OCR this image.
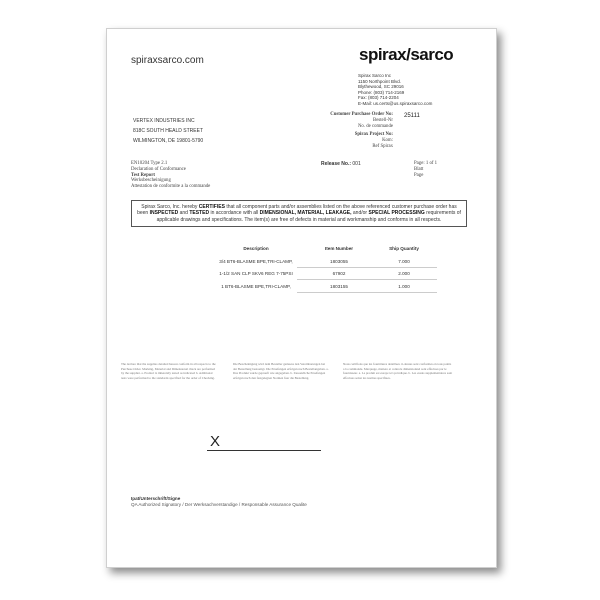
spiraxsarco.com	spirax/sarco
Spirax Sarco Inc
1150 Northpoint Blvd.
Blythewood, SC 29016
Phone: (803) 714-2169
Fax: (803) 714-2204
E-Mail: us.certs@us.spiraxsarco.com
VERTEX INDUSTRIES INC
818C SOUTH HEALD STREET
WILMINGTON, DE 19801-5790
Customer Purchase Order No:
Bestell-Nr
No. de commande
25111
Spirax Project No:
Kom:
Ref Spirax
EN10204 Type 2.1
Declaration of Conformance
Test Report
Werksbescheinigung
Attestation de conformite a la commande
Release No.: 001	Page: 1 of 1
Blatt
Page
Spirax Sarco, Inc. hereby CERTIFIES that all component parts and/or assemblies listed on the above referenced customer purchase order has been INSPECTED and TESTED in accordance with all DIMENSIONAL, MATERIAL, LEAKAGE, and/or SPECIAL PROCESSING requirements of applicable drawings and specifications. The item(s) are free of defects in material and workmanship and conforms in all respects.
Description	Item Number	Ship Quantity
3/4 BT6-BLASME BPE,TRI-CLAMP,	1803055	7.000
1-1/2 SAN CLP SKV6 REG 7-75PSI	67902	2.000
1 BT6-BLASME BPE,TRI-CLAMP,	1803155	1.000
The declare that the supplies detailed hereon conform in all respects to the Purchase Order. Marking, Material and Dimensional check are performed by the supplier. a. Product is inherently tested as indicated b. Additional tests were performed to the standards specified for the order of Checking.
Die Bescheinigung wird dem Besteller gemaess den Vereinbarungen bei der Bestellung bestaetigt. Die Pruefungen erfolgen nach Bestellangaben. a. Das Produkt wurde geprueft wie angegeben. b. Zusaetzliche Pruefungen erfolgen nach den festgelegten Normen fuer die Bestellung.
Nous certifions que les fournitures detaillees ci-dessus sont conformes en tous points a la commande. Marquage, matiere et controle dimensionnel sont effectues par le fournisseur. a. Le produit est essaye tel qu indique. b. Les essais supplementaires sont effectues selon les normes specifiees.
X
Ipat/Unterschrift/Signe
QA Authorized Signatory / Der Werksachverstandige / Responsable Assurance Qualite
